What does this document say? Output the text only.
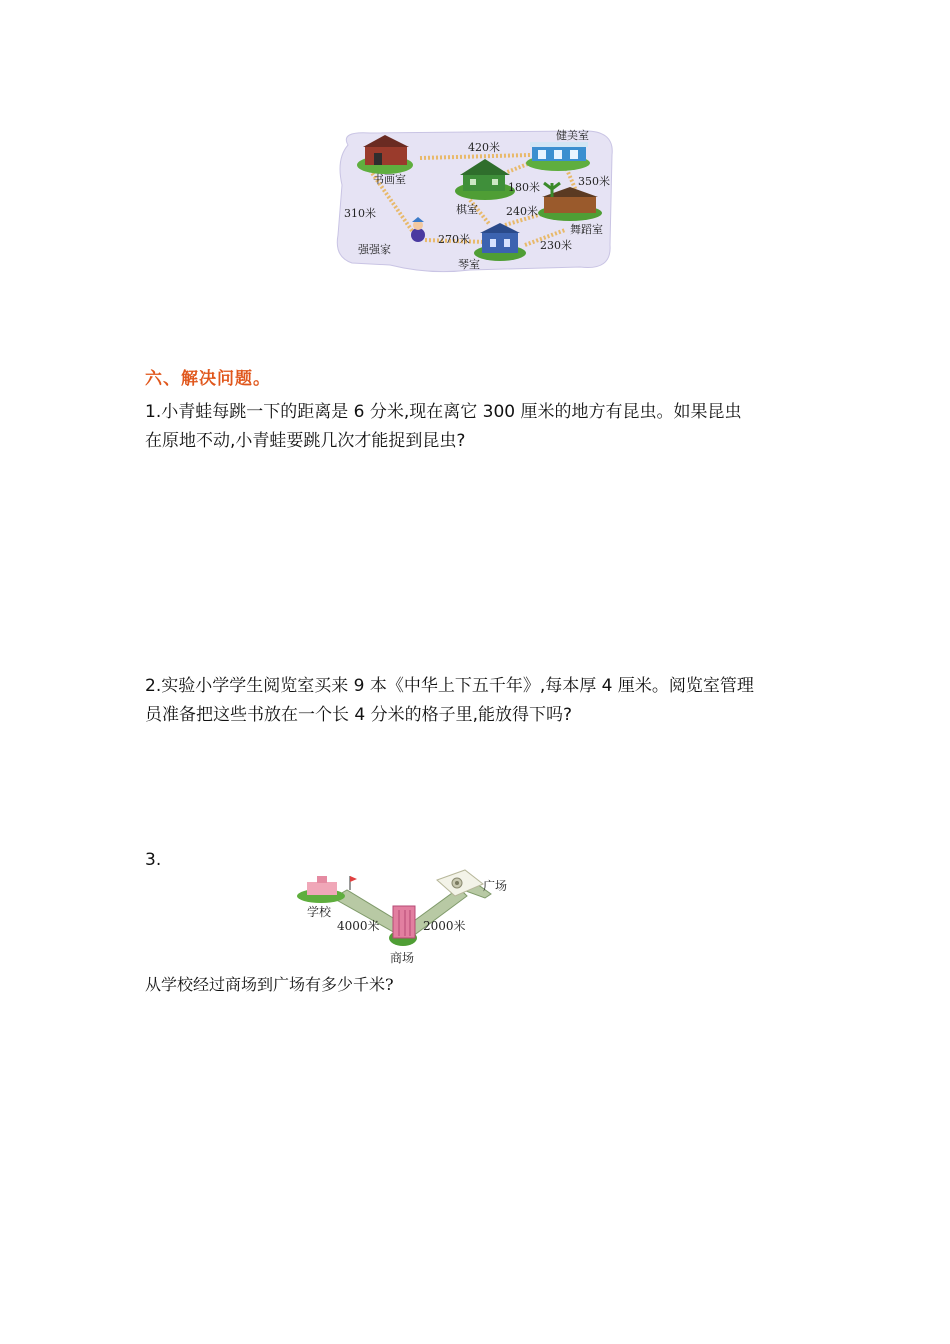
书画室
健美室
棋室
舞蹈室
琴室
强强家
420米
180米	350米
240米
310米
270米	230米
六、解决问题。
1.小青蛙每跳一下的距离是 6 分米,现在离它 300 厘米的地方有昆虫。如果昆虫
在原地不动,小青蛙要跳几次才能捉到昆虫?
2.实验小学学生阅览室买来 9 本《中华上下五千年》,每本厚 4 厘米。阅览室管理
员准备把这些书放在一个长 4 分米的格子里,能放得下吗?
3.
学校
商场
广场
4000米	2000米
从学校经过商场到广场有多少千米?
